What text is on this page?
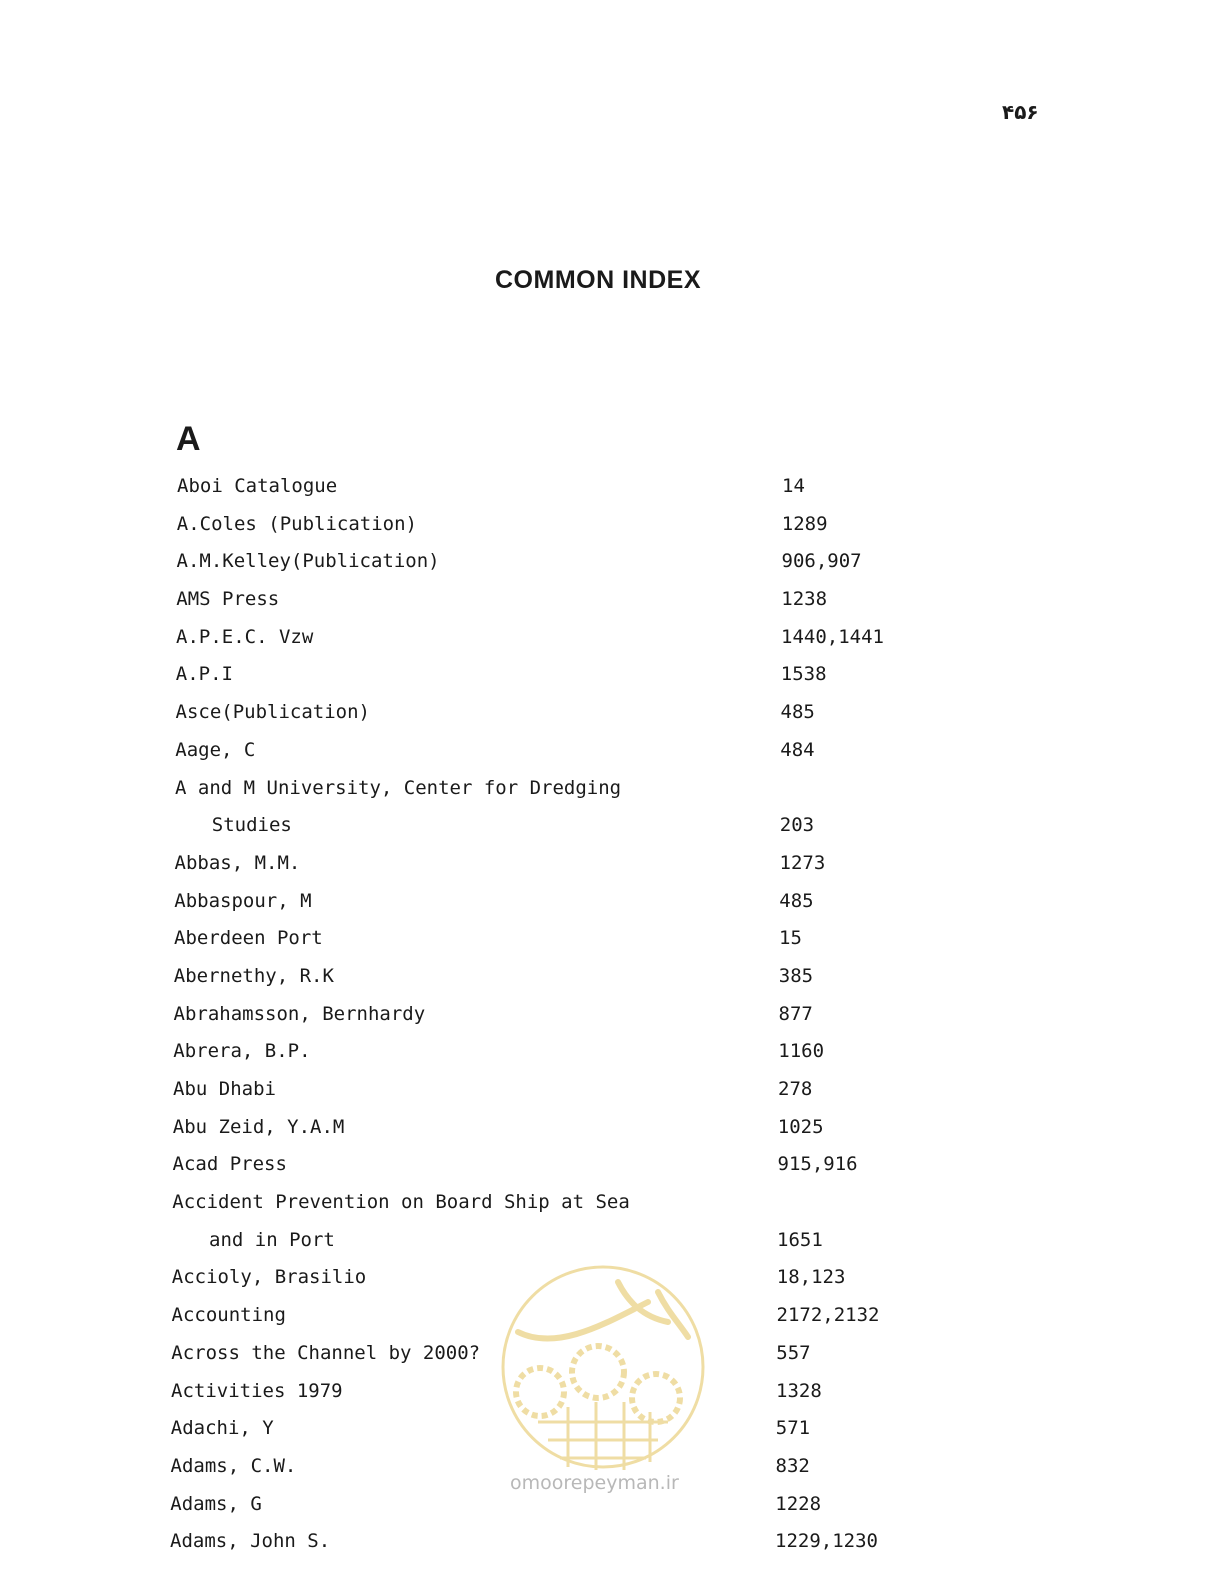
۴۵۶
COMMON INDEX
A
Aboi Catalogue	14
A.Coles (Publication)	1289
A.M.Kelley(Publication)	906,907
AMS Press	1238
A.P.E.C. Vzw	1440,1441
A.P.I	1538
Asce(Publication)	485
Aage, C	484
A and M University, Center for Dredging
Studies	203
Abbas, M.M.	1273
Abbaspour, M	485
Aberdeen Port	15
Abernethy, R.K	385
Abrahamsson, Bernhardy	877
Abrera, B.P.	1160
Abu Dhabi	278
Abu Zeid, Y.A.M	1025
Acad Press	915,916
Accident Prevention on Board Ship at Sea
and in Port	1651
Accioly, Brasilio	18,123
Accounting	2172,2132
Across the Channel by 2000?	557
Activities 1979	1328
Adachi, Y	571
Adams, C.W.	832
Adams, G	1228
Adams, John S.	1229,1230
omoorepeyman.ir
